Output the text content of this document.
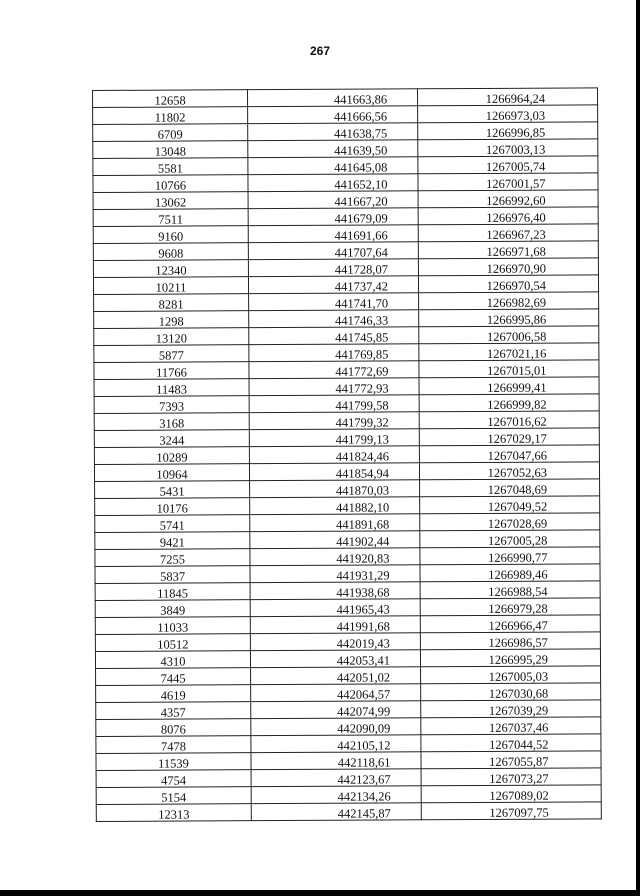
267
12658	441663,86	1266964,24
11802	441666,56	1266973,03
6709	441638,75	1266996,85
13048	441639,50	1267003,13
5581	441645,08	1267005,74
10766	441652,10	1267001,57
13062	441667,20	1266992,60
7511	441679,09	1266976,40
9160	441691,66	1266967,23
9608	441707,64	1266971,68
12340	441728,07	1266970,90
10211	441737,42	1266970,54
8281	441741,70	1266982,69
1298	441746,33	1266995,86
13120	441745,85	1267006,58
5877	441769,85	1267021,16
11766	441772,69	1267015,01
11483	441772,93	1266999,41
7393	441799,58	1266999,82
3168	441799,32	1267016,62
3244	441799,13	1267029,17
10289	441824,46	1267047,66
10964	441854,94	1267052,63
5431	441870,03	1267048,69
10176	441882,10	1267049,52
5741	441891,68	1267028,69
9421	441902,44	1267005,28
7255	441920,83	1266990,77
5837	441931,29	1266989,46
11845	441938,68	1266988,54
3849	441965,43	1266979,28
11033	441991,68	1266966,47
10512	442019,43	1266986,57
4310	442053,41	1266995,29
7445	442051,02	1267005,03
4619	442064,57	1267030,68
4357	442074,99	1267039,29
8076	442090,09	1267037,46
7478	442105,12	1267044,52
11539	442118,61	1267055,87
4754	442123,67	1267073,27
5154	442134,26	1267089,02
12313	442145,87	1267097,75
